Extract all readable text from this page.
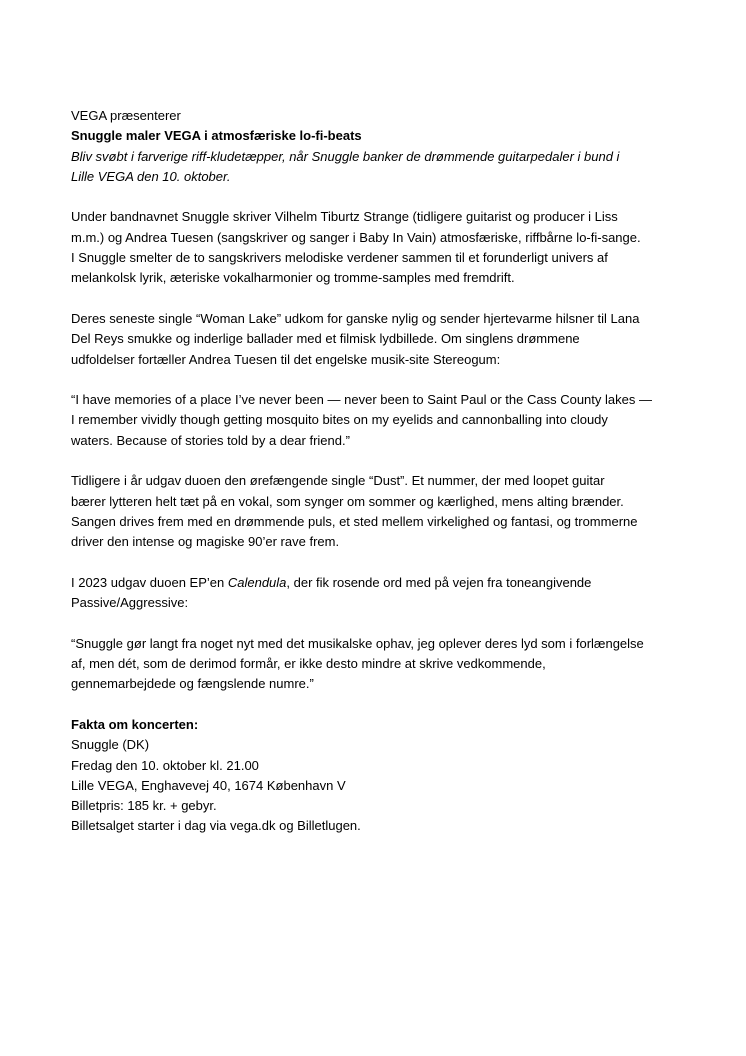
VEGA præsenterer

Snuggle maler VEGA i atmosfæriske lo-fi-beats

Bliv svøbt i farverige riff-kludetæpper, når Snuggle banker de drømmende guitarpedaler i bund i
Lille VEGA den 10. oktober.

Under bandnavnet Snuggle skriver Vilhelm Tiburtz Strange (tidligere guitarist og producer i Liss
m.m.) og Andrea Tuesen (sangskriver og sanger i Baby In Vain) atmosfæriske, riffbårne lo-fi-sange.
I Snuggle smelter de to sangskrivers melodiske verdener sammen til et forunderligt univers af
melankolsk lyrik, æteriske vokalharmonier og tromme-samples med fremdrift.

Deres seneste single “Woman Lake” udkom for ganske nylig og sender hjertevarme hilsner til Lana
Del Reys smukke og inderlige ballader med et filmisk lydbillede. Om singlens drømmene
udfoldelser fortæller Andrea Tuesen til det engelske musik-site Stereogum:

“I have memories of a place I’ve never been — never been to Saint Paul or the Cass County lakes —
I remember vividly though getting mosquito bites on my eyelids and cannonballing into cloudy
waters. Because of stories told by a dear friend.”

Tidligere i år udgav duoen den ørefængende single “Dust”. Et nummer, der med loopet guitar
bærer lytteren helt tæt på en vokal, som synger om sommer og kærlighed, mens alting brænder.
Sangen drives frem med en drømmende puls, et sted mellem virkelighed og fantasi, og trommerne
driver den intense og magiske 90’er rave frem.

I 2023 udgav duoen EP’en Calendula, der fik rosende ord med på vejen fra toneangivende
Passive/Aggressive:

“Snuggle gør langt fra noget nyt med det musikalske ophav, jeg oplever deres lyd som i forlængelse
af, men dét, som de derimod formår, er ikke desto mindre at skrive vedkommende,
gennemarbejdede og fængslende numre.”

Fakta om koncerten:

Snuggle (DK)
Fredag den 10. oktober kl. 21.00
Lille VEGA, Enghavevej 40, 1674 København V
Billetpris: 185 kr. + gebyr.
Billetsalget starter i dag via vega.dk og Billetlugen.
